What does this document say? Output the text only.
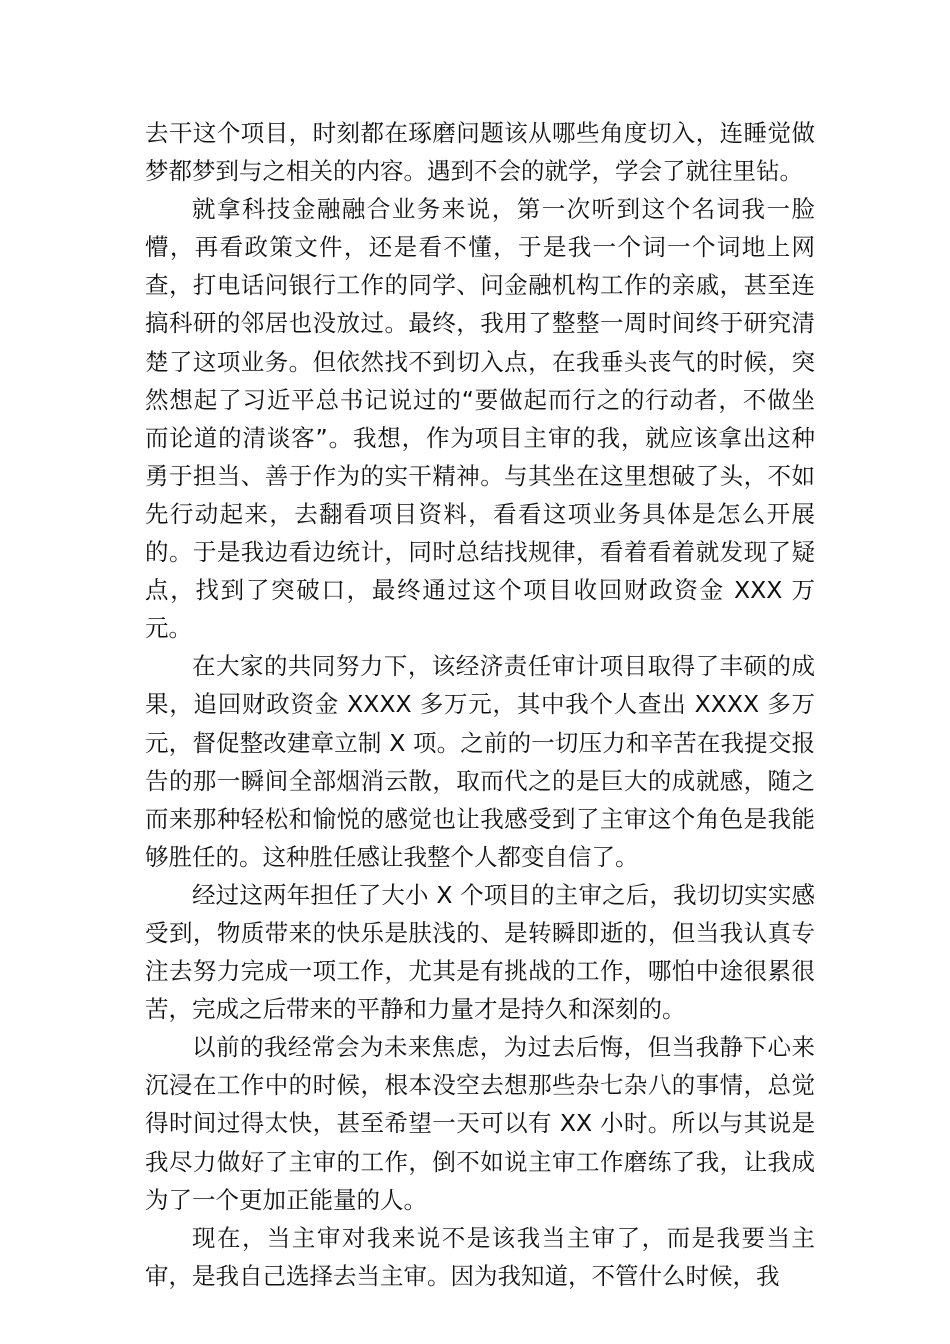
去干这个项目，时刻都在琢磨问题该从哪些角度切入，连睡觉做梦都梦到与之相关的内容。遇到不会的就学，学会了就往里钻。

就拿科技金融融合业务来说，第一次听到这个名词我一脸懵，再看政策文件，还是看不懂，于是我一个词一个词地上网查，打电话问银行工作的同学、问金融机构工作的亲戚，甚至连搞科研的邻居也没放过。最终，我用了整整一周时间终于研究清楚了这项业务。但依然找不到切入点，在我垂头丧气的时候，突然想起了习近平总书记说过的“要做起而行之的行动者，不做坐而论道的清谈客”。我想，作为项目主审的我，就应该拿出这种勇于担当、善于作为的实干精神。与其坐在这里想破了头，不如先行动起来，去翻看项目资料，看看这项业务具体是怎么开展的。于是我边看边统计，同时总结找规律，看着看着就发现了疑点，找到了突破口，最终通过这个项目收回财政资金 XXX 万元。

在大家的共同努力下，该经济责任审计项目取得了丰硕的成果，追回财政资金 XXXX 多万元，其中我个人查出 XXXX 多万元，督促整改建章立制 X 项。之前的一切压力和辛苦在我提交报告的那一瞬间全部烟消云散，取而代之的是巨大的成就感，随之而来那种轻松和愉悦的感觉也让我感受到了主审这个角色是我能够胜任的。这种胜任感让我整个人都变自信了。

经过这两年担任了大小 X 个项目的主审之后，我切切实实感受到，物质带来的快乐是肤浅的、是转瞬即逝的，但当我认真专注去努力完成一项工作，尤其是有挑战的工作，哪怕中途很累很苦，完成之后带来的平静和力量才是持久和深刻的。

以前的我经常会为未来焦虑，为过去后悔，但当我静下心来沉浸在工作中的时候，根本没空去想那些杂七杂八的事情，总觉得时间过得太快，甚至希望一天可以有 XX 小时。所以与其说是我尽力做好了主审的工作，倒不如说主审工作磨练了我，让我成为了一个更加正能量的人。

现在，当主审对我来说不是该我当主审了，而是我要当主审，是我自己选择去当主审。因为我知道，不管什么时候，我
